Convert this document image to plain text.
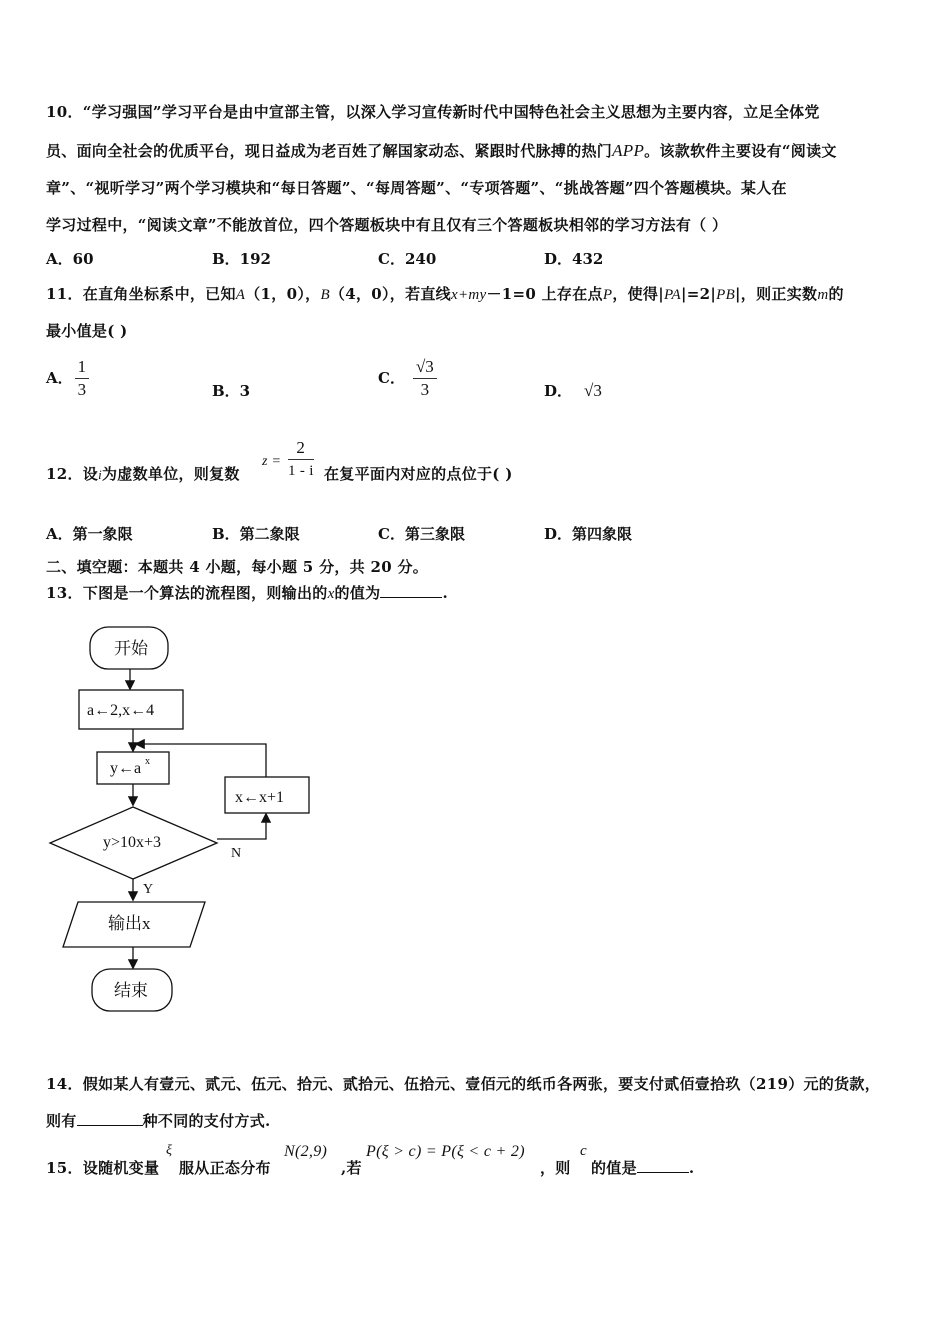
10．“学习强国”学习平台是由中宣部主管，以深入学习宣传新时代中国特色社会主义思想为主要内容，立足全体党
员、面向全社会的优质平台，现日益成为老百姓了解国家动态、紧跟时代脉搏的热门APP。该款软件主要设有“阅读文
章”、“视听学习”两个学习模块和“每日答题”、“每周答题”、“专项答题”、“挑战答题”四个答题模块。某人在
学习过程中，“阅读文章”不能放首位，四个答题板块中有且仅有三个答题板块相邻的学习方法有（ ）
A．60	B．192	C．240	D．432
11．在直角坐标系中，已知A（1，0），B（4，0），若直线x+my－1=0 上存在点P，使得|PA|=2|PB|，则正实数m的
最小值是( )
A． $\frac{1}{3}$	B．3
C． $\frac{√3}{3}$	D． √3
12．设i为虚数单位，则复数
$z = \frac{2}{1 - i}$ 在复平面内对应的点位于( )
A．第一象限	B．第二象限	C．第三象限	D．第四象限
二、填空题：本题共 4 小题，每小题 5 分，共 20 分。
13．下图是一个算法的流程图，则输出的x的值为	.
开始
a←2,x←4
y←a x
y>10x+3
x←x+1
N
Y
输出x
结束
14．假如某人有壹元、贰元、伍元、拾元、贰拾元、伍拾元、壹佰元的纸币各两张，要支付贰佰壹拾玖（219）元的货款，
则有	种不同的支付方式.
15．设随机变量
ξ
服从正态分布
N(2,9)
,若
P(ξ > c) = P(ξ < c + 2)
，则
c
的值是	.
